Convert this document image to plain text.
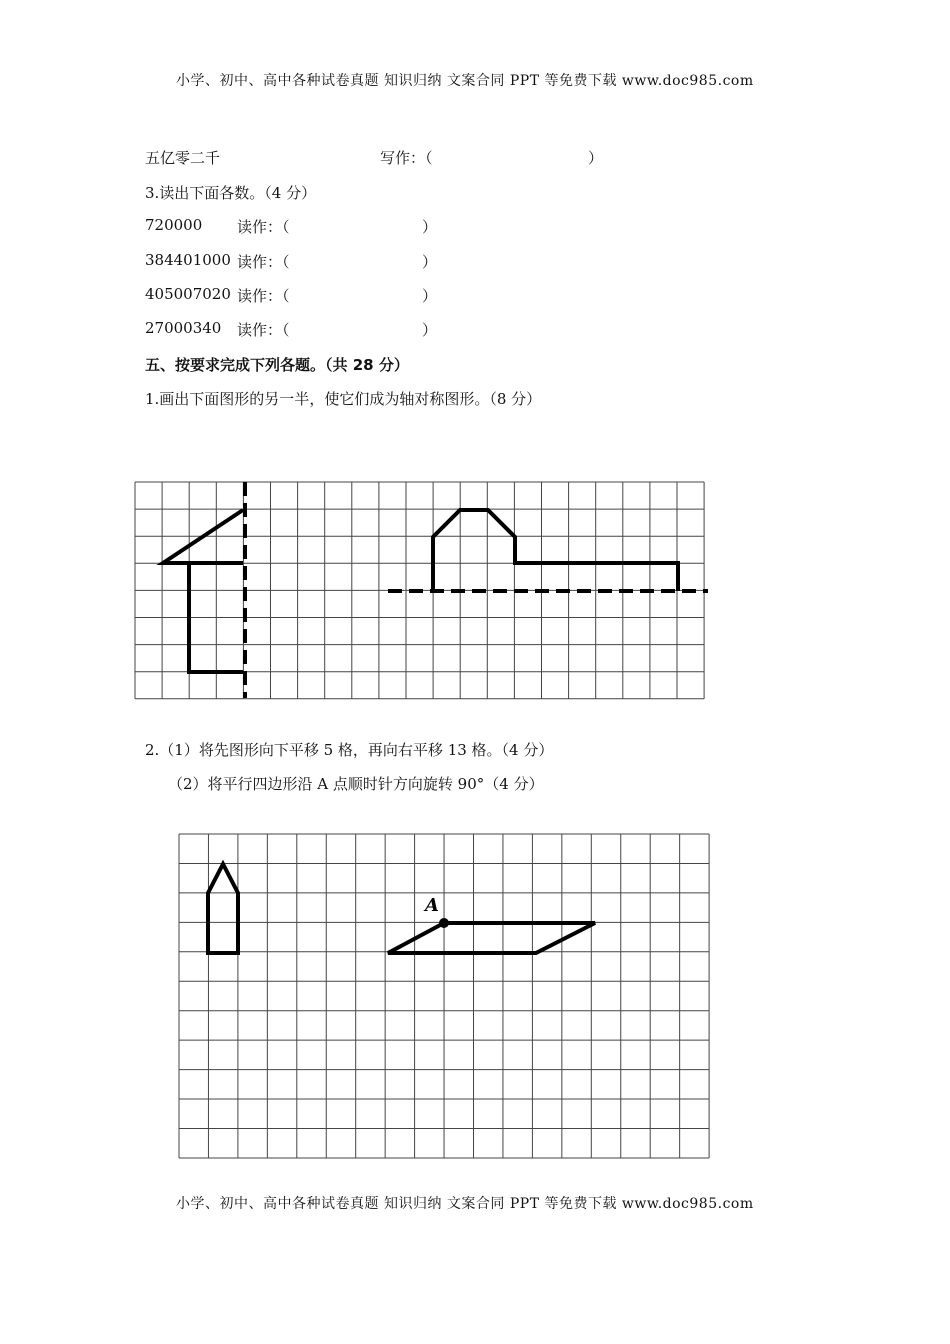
小学、初中、高中各种试卷真题 知识归纳 文案合同 PPT 等免费下载 www.doc985.com
五亿零二千	写作：（	）
3.读出下面各数。（4 分）
720000 读作：（	）
384401000 读作：（	）
405007020 读作：（	）
27000340 读作：（	）
五、按要求完成下列各题。（共 28 分）
1.画出下面图形的另一半，使它们成为轴对称图形。（8 分）
2.（1）将先图形向下平移 5 格，再向右平移 13 格。（4 分）
（2）将平行四边形沿 A 点顺时针方向旋转 90°（4 分）
A
小学、初中、高中各种试卷真题 知识归纳 文案合同 PPT 等免费下载 www.doc985.com
